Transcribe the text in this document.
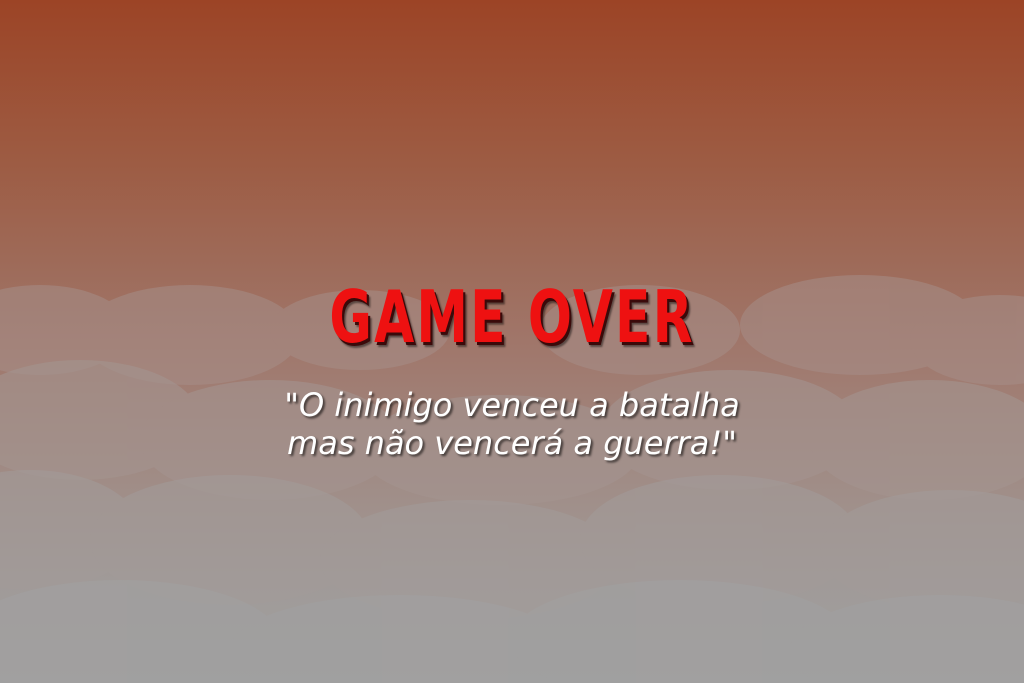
GAME OVER
"O inimigo venceu a batalha
mas não vencerá a guerra!"
